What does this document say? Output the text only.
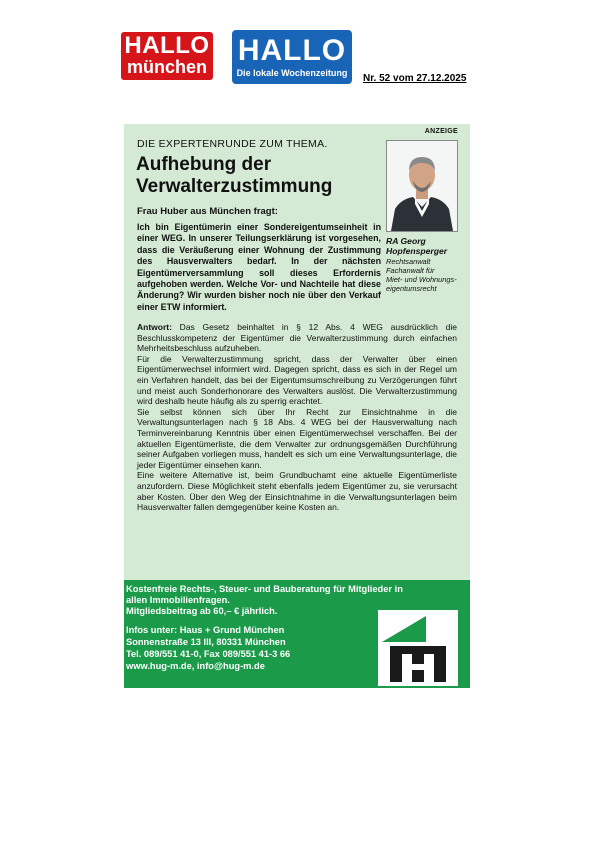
HALLO
münchen HALLO
Die lokale Wochenzeitung	Nr. 52 vom 27.12.2025
ANZEIGE
DIE EXPERTENRUNDE ZUM THEMA.
Aufhebung der
Verwalterzustimmung
Frau Huber aus München fragt:
Ich bin Eigentümerin einer Sondereigentumseinheit in einer WEG. In unserer Teilungserklärung ist vorgesehen, dass die Veräußerung einer Wohnung der Zustimmung des Hausverwalters bedarf. In der nächsten Eigentümerversammlung soll dieses Erfordernis aufgehoben werden. Welche Vor- und Nachteile hat diese Änderung? Wir wurden bisher noch nie über den Verkauf einer ETW informiert.
RA Georg
Hopfensperger
Rechtsanwalt
Fachanwalt für
Miet- und Wohnungs-
eigentumsrecht

Antwort: Das Gesetz beinhaltet in § 12 Abs. 4 WEG ausdrücklich die Beschlusskompetenz der Eigentümer die Verwalterzustimmung durch einfachen Mehrheitsbeschluss aufzuheben.

Für die Verwalterzustimmung spricht, dass der Verwalter über einen Eigentümerwechsel informiert wird. Dagegen spricht, dass es sich in der Regel um ein Verfahren handelt, das bei der Eigentumsumschreibung zu Verzögerungen führt und meist auch Sonderhonorare des Verwalters auslöst. Die Verwalterzustimmung wird deshalb heute häufig als zu sperrig erachtet.

Sie selbst können sich über Ihr Recht zur Einsichtnahme in die Verwaltungsunterlagen nach § 18 Abs. 4 WEG bei der Hausverwaltung nach Terminvereinbarung Kenntnis über einen Eigentümerwechsel verschaffen. Bei der aktuellen Eigentümerliste, die dem Verwalter zur ordnungsgemäßen Durchführung seiner Aufgaben vorliegen muss, handelt es sich um eine Verwaltungsunterlage, die jeder Eigentümer einsehen kann.

Eine weitere Alternative ist, beim Grundbuchamt eine aktuelle Eigentümerliste anzufordern. Diese Möglichkeit steht ebenfalls jedem Eigentümer zu, sie verursacht aber Kosten. Über den Weg der Einsichtnahme in die Verwaltungsunterlagen beim Hausverwalter fallen demgegenüber keine Kosten an.

Kostenfreie Rechts-, Steuer- und Bauberatung für Mitglieder in
allen Immobilienfragen.
Mitgliedsbeitrag ab 60,– € jährlich.
Infos unter: Haus + Grund München
Sonnenstraße 13 III, 80331 München
Tel. 089/551 41-0, Fax 089/551 41-3 66
www.hug-m.de, info@hug-m.de
